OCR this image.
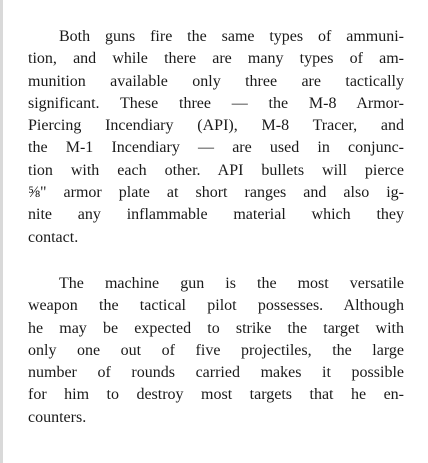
Both guns fire the same types of ammuni-
tion, and while there are many types of am-
munition available only three are tactically
significant. These three — the M-8 Armor-
Piercing Incendiary (API), M-8 Tracer, and
the M-1 Incendiary — are used in conjunc-
tion with each other. API bullets will pierce
⅝" armor plate at short ranges and also ig-
nite any inflammable material which they
contact.
The machine gun is the most versatile
weapon the tactical pilot possesses. Although
he may be expected to strike the target with
only one out of five projectiles, the large
number of rounds carried makes it possible
for him to destroy most targets that he en-
counters.
